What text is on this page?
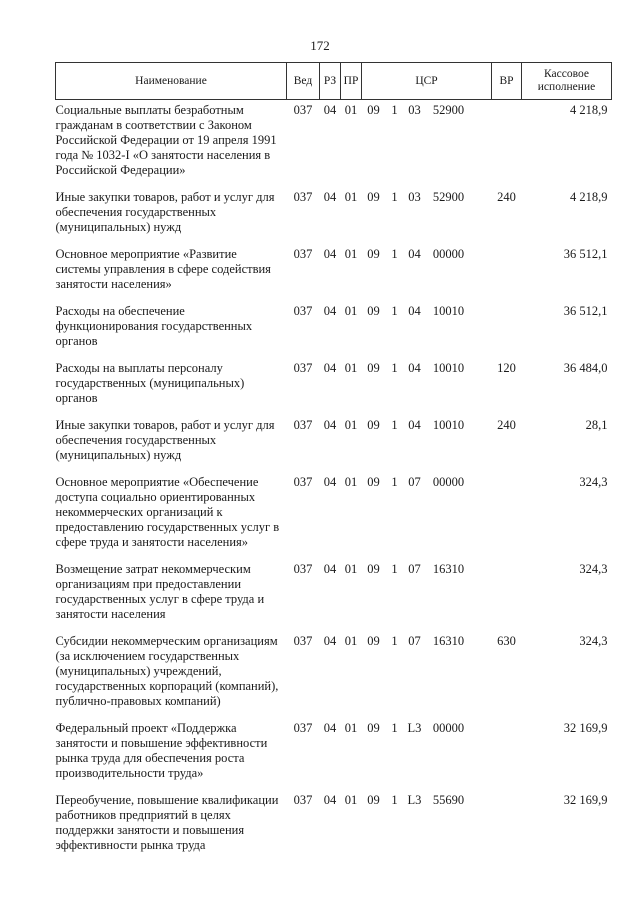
172
Наименование	Вед	РЗ	ПР	ЦСР	ВР	Кассовое исполнение
Социальные выплаты безработным гражданам в соответствии с Законом Российской Федерации от 19 апреля 1991 года № 1032-I «О занятости населения в Российской Федерации»	037	04	01	09 1 03 52900		4 218,9
Иные закупки товаров, работ и услуг для обеспечения государственных (муниципальных) нужд	037	04	01	09 1 03 52900	240	4 218,9
Основное мероприятие «Развитие системы управления в сфере содействия занятости населения»	037	04	01	09 1 04 00000		36 512,1
Расходы на обеспечение функционирования государственных органов	037	04	01	09 1 04 10010		36 512,1
Расходы на выплаты персоналу государственных (муниципальных) органов	037	04	01	09 1 04 10010	120	36 484,0
Иные закупки товаров, работ и услуг для обеспечения государственных (муниципальных) нужд	037	04	01	09 1 04 10010	240	28,1
Основное мероприятие «Обеспечение доступа социально ориентированных некоммерческих организаций к предоставлению государственных услуг в сфере труда и занятости населения»	037	04	01	09 1 07 00000		324,3
Возмещение затрат некоммерческим организациям при предоставлении государственных услуг в сфере труда и занятости населения	037	04	01	09 1 07 16310		324,3
Субсидии некоммерческим организациям (за исключением государственных (муниципальных) учреждений, государственных корпораций (компаний), публично-правовых компаний)	037	04	01	09 1 07 16310	630	324,3
Федеральный проект «Поддержка занятости и повышение эффективности рынка труда для обеспечения роста производительности труда»	037	04	01	09 1 L3 00000		32 169,9
Переобучение, повышение квалификации работников предприятий в целях поддержки занятости и повышения эффективности рынка труда	037	04	01	09 1 L3 55690		32 169,9
